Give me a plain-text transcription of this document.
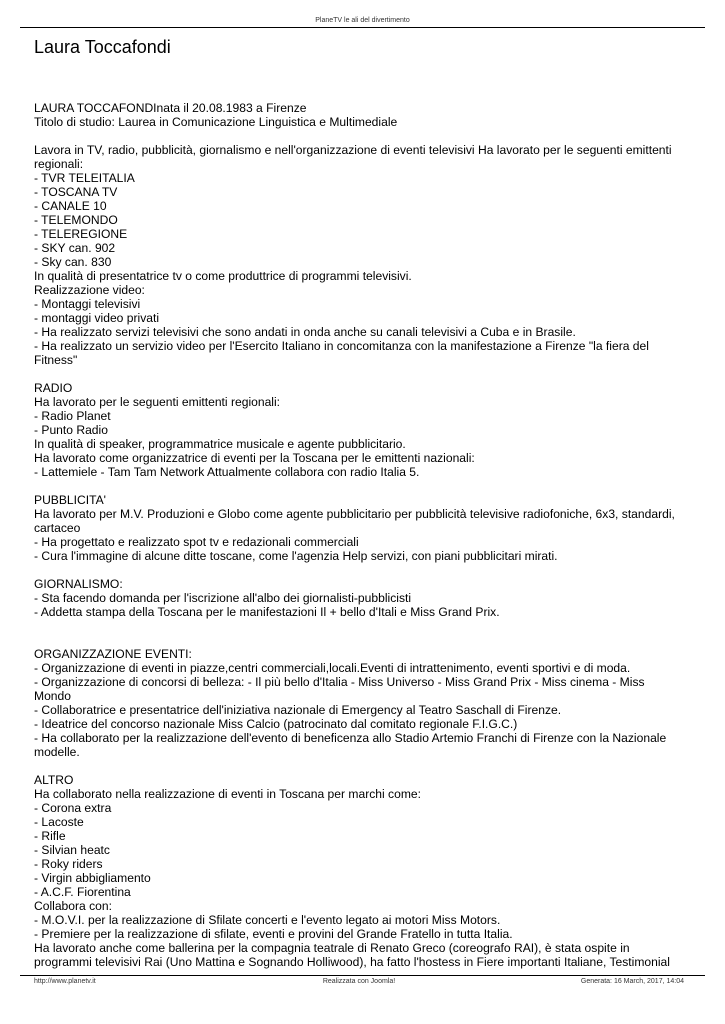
PlaneTV le ali del divertimento
Laura Toccafondi
LAURA TOCCAFONDInata il 20.08.1983 a Firenze
Titolo di studio: Laurea in Comunicazione Linguistica e Multimediale
Lavora in TV, radio, pubblicità, giornalismo e nell'organizzazione di eventi televisivi Ha lavorato per le seguenti emittenti
regionali:
- TVR TELEITALIA
- TOSCANA TV
- CANALE 10
- TELEMONDO
- TELEREGIONE
- SKY can. 902
- Sky can. 830
In qualità di presentatrice tv o come produttrice di programmi televisivi.
Realizzazione video:
- Montaggi televisivi
- montaggi video privati
- Ha realizzato servizi televisivi che sono andati in onda anche su canali televisivi a Cuba e in Brasile.
- Ha realizzato un servizio video per l'Esercito Italiano in concomitanza con la manifestazione a Firenze "la fiera del
Fitness"
RADIO
Ha lavorato per le seguenti emittenti regionali:
- Radio Planet
- Punto Radio
In qualità di speaker, programmatrice musicale e agente pubblicitario.
Ha lavorato come organizzatrice di eventi per la Toscana per le emittenti nazionali:
- Lattemiele - Tam Tam Network Attualmente collabora con radio Italia 5.
PUBBLICITA'
Ha lavorato per M.V. Produzioni e Globo come agente pubblicitario per pubblicità televisive radiofoniche, 6x3, standardi,
cartaceo
- Ha progettato e realizzato spot tv e redazionali commerciali
- Cura l'immagine di alcune ditte toscane, come l'agenzia Help servizi, con piani pubblicitari mirati.
GIORNALISMO:
- Sta facendo domanda per l'iscrizione all'albo dei giornalisti-pubblicisti
- Addetta stampa della Toscana per le manifestazioni Il + bello d'Itali e Miss Grand Prix.
ORGANIZZAZIONE EVENTI:
- Organizzazione di eventi in piazze,centri commerciali,locali.Eventi di intrattenimento, eventi sportivi e di moda.
- Organizzazione di concorsi di belleza: - Il più bello d'Italia - Miss Universo - Miss Grand Prix - Miss cinema - Miss
Mondo
- Collaboratrice e presentatrice dell'iniziativa nazionale di Emergency al Teatro Saschall di Firenze.
- Ideatrice del concorso nazionale Miss Calcio (patrocinato dal comitato regionale F.I.G.C.)
- Ha collaborato per la realizzazione dell'evento di beneficenza allo Stadio Artemio Franchi di Firenze con la Nazionale
modelle.
ALTRO
Ha collaborato nella realizzazione di eventi in Toscana per marchi come:
- Corona extra
- Lacoste
- Rifle
- Silvian heatc
- Roky riders
- Virgin abbigliamento
- A.C.F. Fiorentina
Collabora con:
- M.O.V.I. per la realizzazione di Sfilate concerti e l'evento legato ai motori Miss Motors.
- Premiere per la realizzazione di sfilate, eventi e provini del Grande Fratello in tutta Italia.
Ha lavorato anche come ballerina per la compagnia teatrale di Renato Greco (coreografo RAI), è stata ospite in
programmi televisivi Rai (Uno Mattina e Sognando Holliwood), ha fatto l'hostess in Fiere importanti Italiane, Testimonial
http://www.planetv.it	Realizzata con Joomla!	Generata: 16 March, 2017, 14:04
